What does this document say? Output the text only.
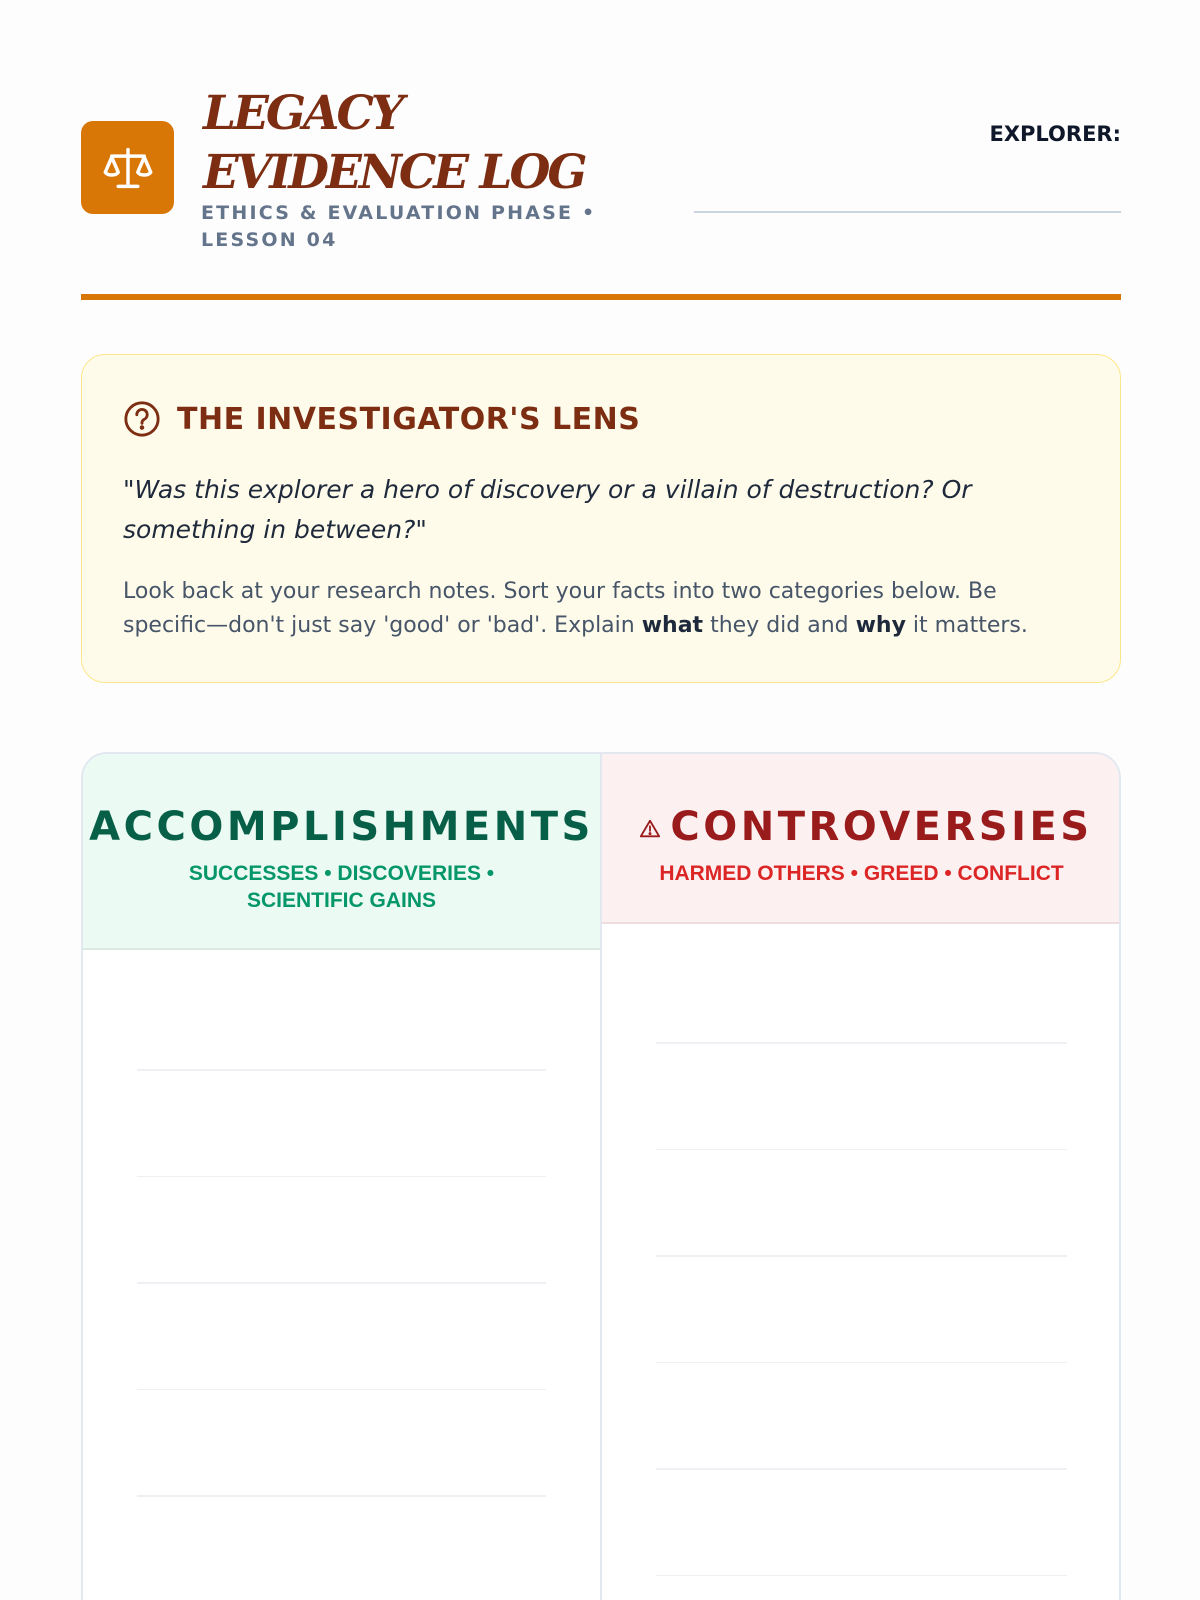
LEGACY EVIDENCE LOG
ETHICS & EVALUATION PHASE • LESSON 04
EXPLORER:
THE INVESTIGATOR'S LENS
"Was this explorer a hero of discovery or a villain of destruction? Or something in between?"
Look back at your research notes. Sort your facts into two categories below. Be specific—don't just say 'good' or 'bad'. Explain what they did and why it matters.
ACCOMPLISHMENTS
SUCCESSES • DISCOVERIES • SCIENTIFIC GAINS
CONTROVERSIES
HARMED OTHERS • GREED • CONFLICT
